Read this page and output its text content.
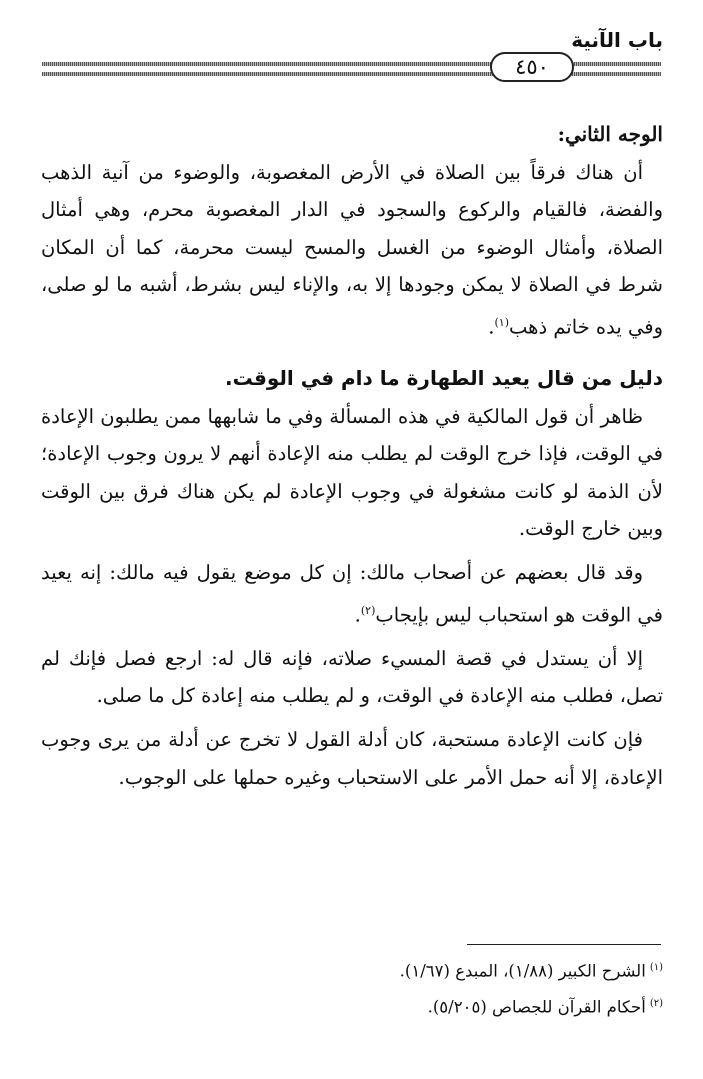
باب الآنية
٤٥٠

الوجه الثاني:

أن هناك فرقاً بين الصلاة في الأرض المغصوبة، والوضوء من آنية الذهب والفضة، فالقيام والركوع والسجود في الدار المغصوبة محرم، وهي أمثال الصلاة، وأمثال الوضوء من الغسل والمسح ليست محرمة، كما أن المكان شرط في الصلاة لا يمكن وجودها إلا به، والإناء ليس بشرط، أشبه ما لو صلى، وفي يده خاتم ذهب$^{(١)}$.

دليل من قال يعيد الطهارة ما دام في الوقت.

ظاهر أن قول المالكية في هذه المسألة وفي ما شابهها ممن يطلبون الإعادة في الوقت، فإذا خرج الوقت لم يطلب منه الإعادة أنهم لا يرون وجوب الإعادة؛ لأن الذمة لو كانت مشغولة في وجوب الإعادة لم يكن هناك فرق بين الوقت وبين خارج الوقت.

وقد قال بعضهم عن أصحاب مالك: إن كل موضع يقول فيه مالك: إنه يعيد في الوقت هو استحباب ليس بإيجاب$^{(٢)}$.

إلا أن يستدل في قصة المسيء صلاته، فإنه قال له: ارجع فصل فإنك لم تصل، فطلب منه الإعادة في الوقت، و لم يطلب منه إعادة كل ما صلى.

فإن كانت الإعادة مستحبة، كان أدلة القول لا تخرج عن أدلة من يرى وجوب الإعادة، إلا أنه حمل الأمر على الاستحباب وغيره حملها على الوجوب.

$^{(١)}$الشرح الكبير (١/٨٨)، المبدع (١/٦٧).

$^{(٢)}$أحكام القرآن للجصاص (٥/٢٠٥).
